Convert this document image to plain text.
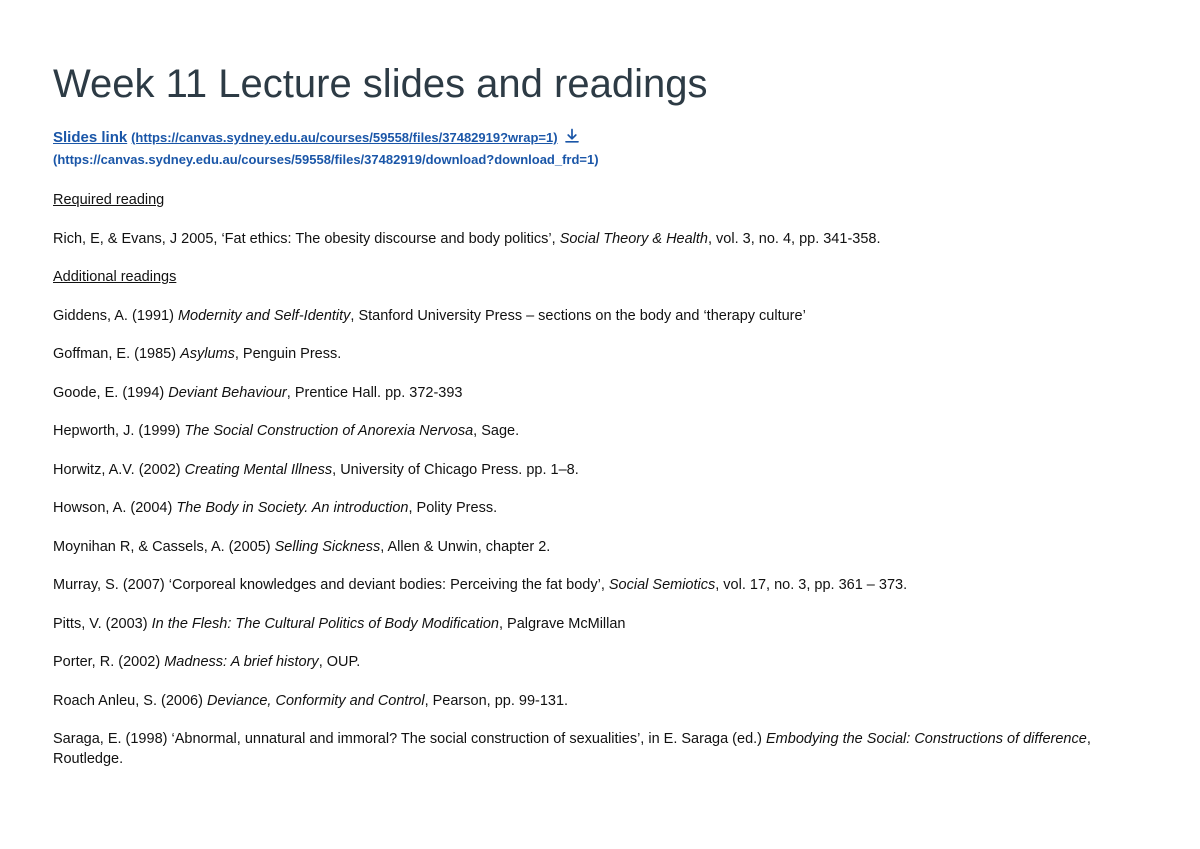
Week 11 Lecture slides and readings
Slides link (https://canvas.sydney.edu.au/courses/59558/files/37482919?wrap=1)
(https://canvas.sydney.edu.au/courses/59558/files/37482919/download?download_frd=1)

Required reading

Rich, E, & Evans, J 2005, ‘Fat ethics: The obesity discourse and body politics’, Social Theory & Health, vol. 3, no. 4, pp. 341-358.

Additional readings

Giddens, A. (1991) Modernity and Self-Identity, Stanford University Press – sections on the body and ‘therapy culture’

Goffman, E. (1985) Asylums, Penguin Press.

Goode, E. (1994) Deviant Behaviour, Prentice Hall. pp. 372-393

Hepworth, J. (1999) The Social Construction of Anorexia Nervosa, Sage.

Horwitz, A.V. (2002) Creating Mental Illness, University of Chicago Press. pp. 1–8.

Howson, A. (2004) The Body in Society. An introduction, Polity Press.

Moynihan R, & Cassels, A. (2005) Selling Sickness, Allen & Unwin, chapter 2.

Murray, S. (2007) ‘Corporeal knowledges and deviant bodies: Perceiving the fat body’, Social Semiotics, vol. 17, no. 3, pp. 361 – 373.

Pitts, V. (2003) In the Flesh: The Cultural Politics of Body Modification, Palgrave McMillan

Porter, R. (2002) Madness: A brief history, OUP.

Roach Anleu, S. (2006) Deviance, Conformity and Control, Pearson, pp. 99-131.

Saraga, E. (1998) ‘Abnormal, unnatural and immoral? The social construction of sexualities’, in E. Saraga (ed.) Embodying the Social: Constructions of difference, Routledge.
